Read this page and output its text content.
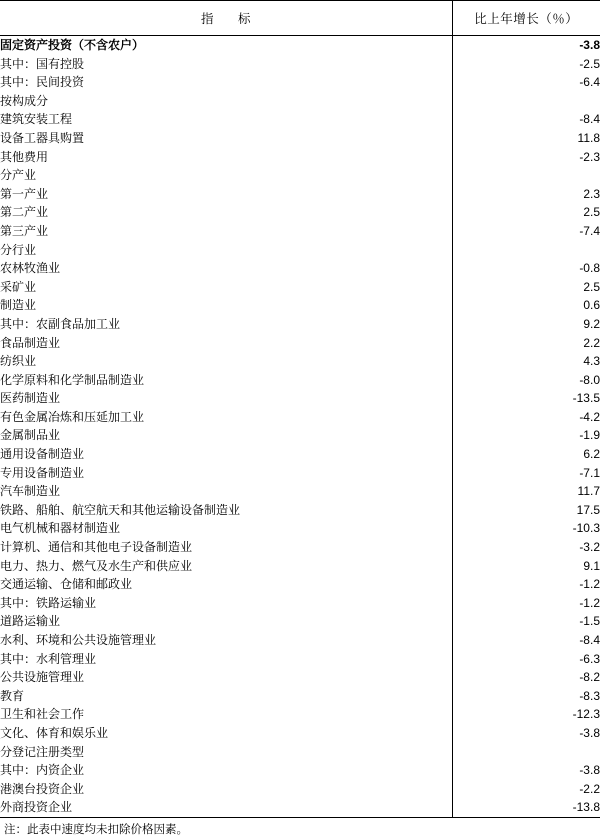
指　标	比上年增长（％）
固定资产投资（不含农户）	-3.8
其中：国有控股	-2.5
其中：民间投资	-6.4
按构成分	
建筑安装工程	-8.4
设备工器具购置	11.8
其他费用	-2.3
分产业	
第一产业	2.3
第二产业	2.5
第三产业	-7.4
分行业	
农林牧渔业	-0.8
采矿业	2.5
制造业	0.6
其中：农副食品加工业	9.2
食品制造业	2.2
纺织业	4.3
化学原料和化学制品制造业	-8.0
医药制造业	-13.5
有色金属冶炼和压延加工业	-4.2
金属制品业	-1.9
通用设备制造业	6.2
专用设备制造业	-7.1
汽车制造业	11.7
铁路、船舶、航空航天和其他运输设备制造业	17.5
电气机械和器材制造业	-10.3
计算机、通信和其他电子设备制造业	-3.2
电力、热力、燃气及水生产和供应业	9.1
交通运输、仓储和邮政业	-1.2
其中：铁路运输业	-1.2
道路运输业	-1.5
水利、环境和公共设施管理业	-8.4
其中：水利管理业	-6.3
公共设施管理业	-8.2
教育	-8.3
卫生和社会工作	-12.3
文化、体育和娱乐业	-3.8
分登记注册类型	
其中：内资企业	-3.8
港澳台投资企业	-2.2
外商投资企业	-13.8
注：此表中速度均未扣除价格因素。
